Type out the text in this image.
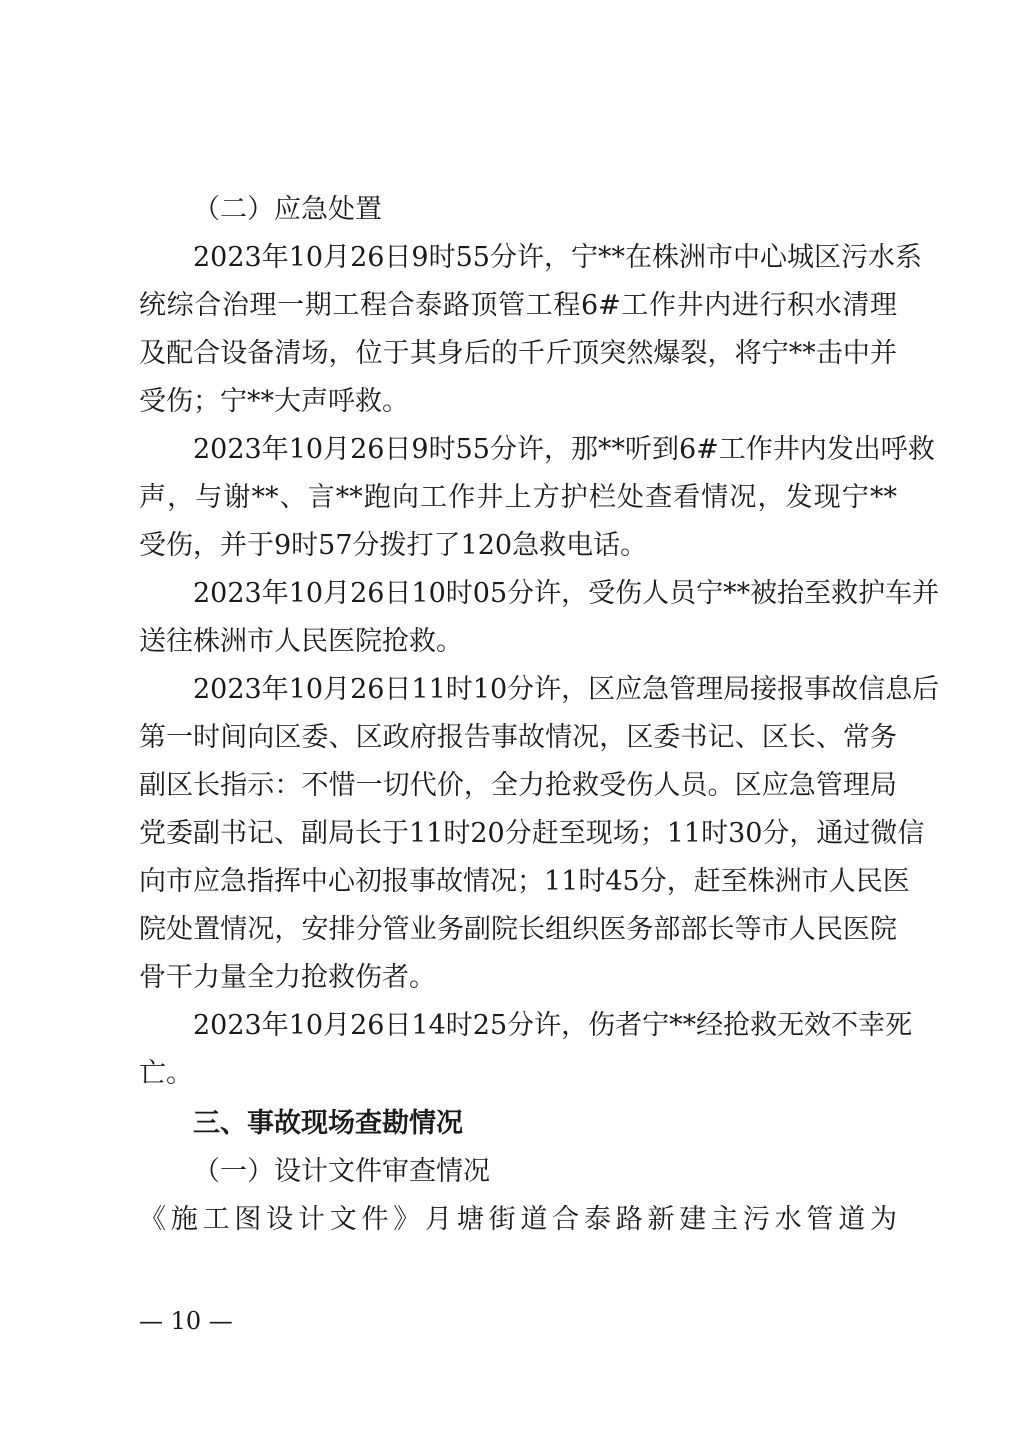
（二）应急处置
2023年10月26日9时55分许，宁**在株洲市中心城区污水系
统综合治理一期工程合泰路顶管工程6#工作井内进行积水清理
及配合设备清场，位于其身后的千斤顶突然爆裂，将宁**击中并
受伤；宁**大声呼救。
2023年10月26日9时55分许，那**听到6#工作井内发出呼救
声，与谢**、言**跑向工作井上方护栏处查看情况，发现宁**
受伤，并于9时57分拨打了120急救电话。
2023年10月26日10时05分许，受伤人员宁**被抬至救护车并
送往株洲市人民医院抢救。
2023年10月26日11时10分许，区应急管理局接报事故信息后
第一时间向区委、区政府报告事故情况，区委书记、区长、常务
副区长指示：不惜一切代价，全力抢救受伤人员。区应急管理局
党委副书记、副局长于11时20分赶至现场；11时30分，通过微信
向市应急指挥中心初报事故情况；11时45分，赶至株洲市人民医
院处置情况，安排分管业务副院长组织医务部部长等市人民医院
骨干力量全力抢救伤者。
2023年10月26日14时25分许，伤者宁**经抢救无效不幸死
亡。
三、事故现场查勘情况
（一）设计文件审查情况
《施工图设计文件》月塘街道合泰路新建主污水管道为
— 10 —
